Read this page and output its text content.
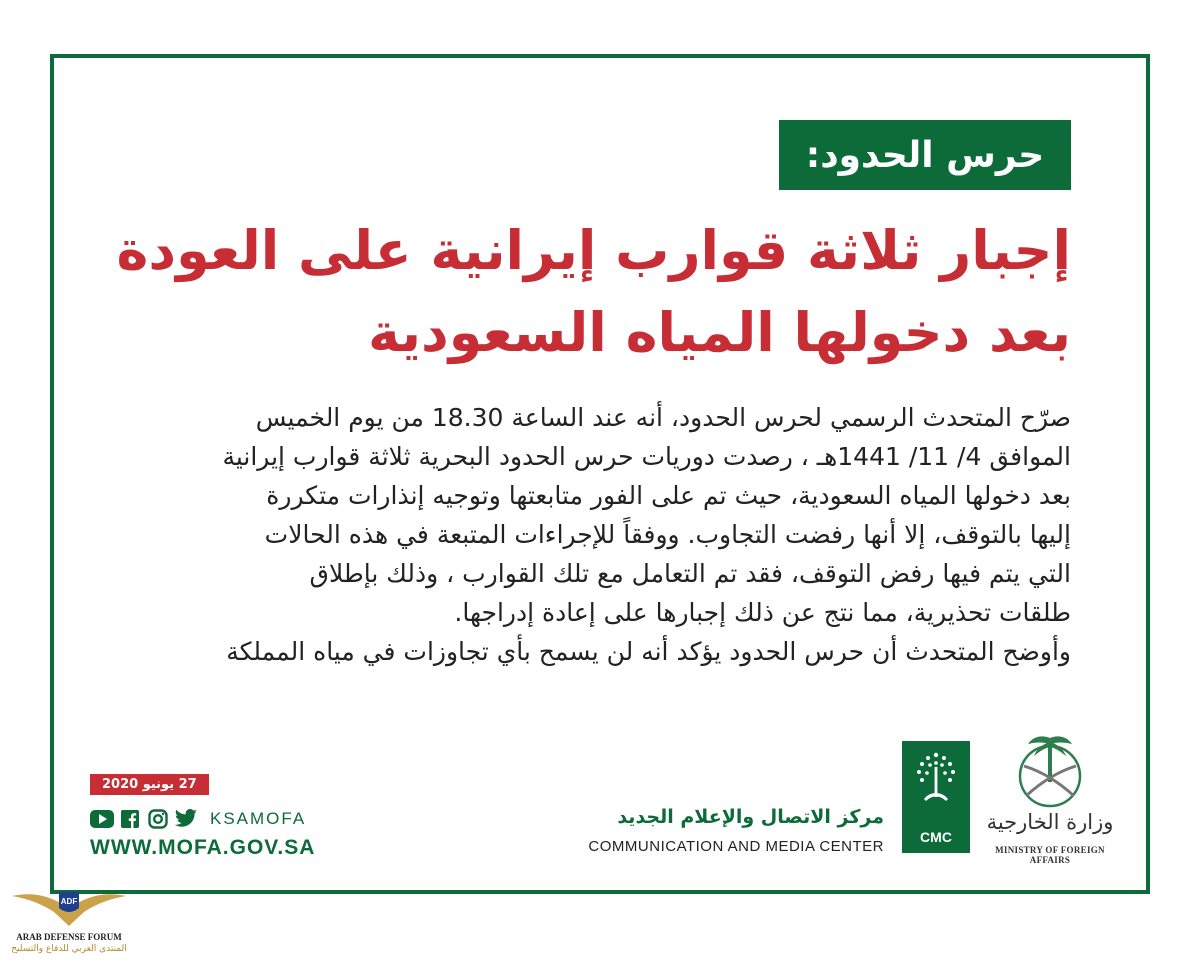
حرس الحدود:
إجبار ثلاثة قوارب إيرانية على العودة
بعد دخولها المياه السعودية
صرّح المتحدث الرسمي لحرس الحدود، أنه عند الساعة 18.30 من يوم الخميس
الموافق 4/ 11/ 1441هـ ، رصدت دوريات حرس الحدود البحرية ثلاثة قوارب إيرانية
بعد دخولها المياه السعودية، حيث تم على الفور متابعتها وتوجيه إنذارات متكررة
إليها بالتوقف، إلا أنها رفضت التجاوب. ووفقاً للإجراءات المتبعة في هذه الحالات
التي يتم فيها رفض التوقف، فقد تم التعامل مع تلك القوارب ، وذلك بإطلاق
طلقات تحذيرية، مما نتج عن ذلك إجبارها على إعادة إدراجها.
وأوضح المتحدث أن حرس الحدود يؤكد أنه لن يسمح بأي تجاوزات في مياه المملكة
27 يونيو 2020
KSAMOFA
WWW.MOFA.GOV.SA
مركز الاتصال والإعلام الجديد
COMMUNICATION AND MEDIA CENTER
CMC
وزارة الخارجية
MINISTRY OF FOREIGN AFFAIRS
ADF
ARAB DEFENSE FORUM
المنتدى العربي للدفاع والتسليح
